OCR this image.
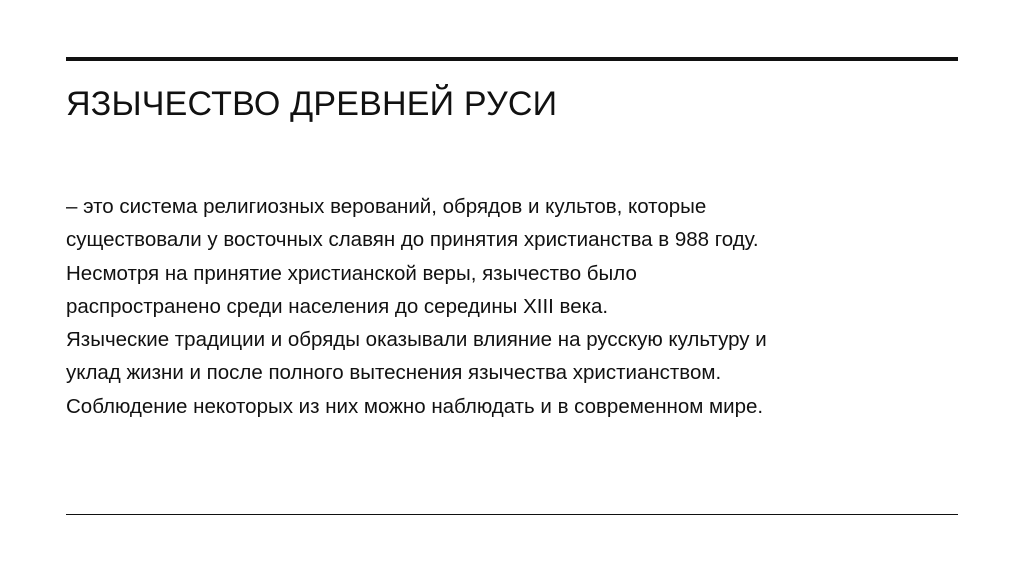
ЯЗЫЧЕСТВО ДРЕВНЕЙ РУСИ

– это система религиозных верований, обрядов и культов, которые
существовали у восточных славян до принятия христианства в 988 году.
Несмотря на принятие христианской веры, язычество было
распространено среди населения до середины XIII века.
Языческие традиции и обряды оказывали влияние на русскую культуру и
уклад жизни и после полного вытеснения язычества христианством.
Соблюдение некоторых из них можно наблюдать и в современном мире.
